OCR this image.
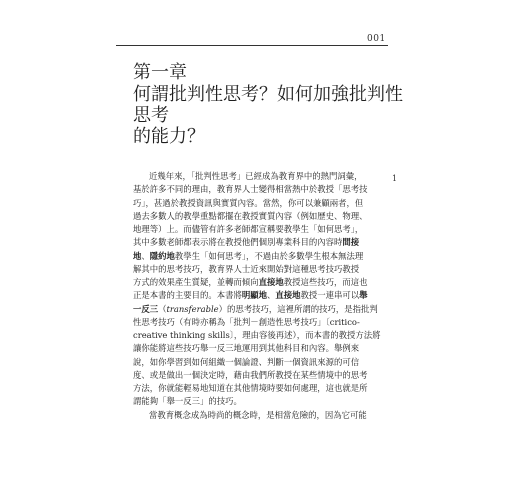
001
第一章
何謂批判性思考？如何加強批判性思考
的能力？
1
近幾年來，「批判性思考」已經成為教育界中的熱門詞彙，
基於許多不同的理由，教育界人士變得相當熱中於教授「思考技
巧」，甚過於教授資訊與實質內容。當然，你可以兼顧兩者，但
過去多數人的教學重點都擺在教授實質內容（例如歷史、物理、
地理等）上。而儘管有許多老師都宣稱要教學生「如何思考」，
其中多數老師都表示將在教授他們個別專業科目的內容時間接
地、隱約地教學生「如何思考」，不過由於多數學生根本無法理
解其中的思考技巧，教育界人士近來開始對這種思考技巧教授
方式的效果產生質疑，並轉而傾向直接地教授這些技巧，而這也
正是本書的主要目的。本書將明顯地、直接地教授一連串可以舉
一反三（transferable）的思考技巧，這裡所謂的技巧，是指批判
性思考技巧（有時亦稱為「批判－創造性思考技巧」〔critico-
creative thinking skills〕，理由容後再述），而本書的教授方法將
讓你能將這些技巧舉一反三地運用到其他科目和內容。舉例來
說，如你學習到如何組織一個論證、判斷一個資訊來源的可信
度、或是做出一個決定時，藉由我們所教授在某些情境中的思考
方法，你就能輕易地知道在其他情境時要如何處理，這也就是所
謂能夠「舉一反三」的技巧。
當教育概念成為時尚的概念時，是相當危險的，因為它可能
